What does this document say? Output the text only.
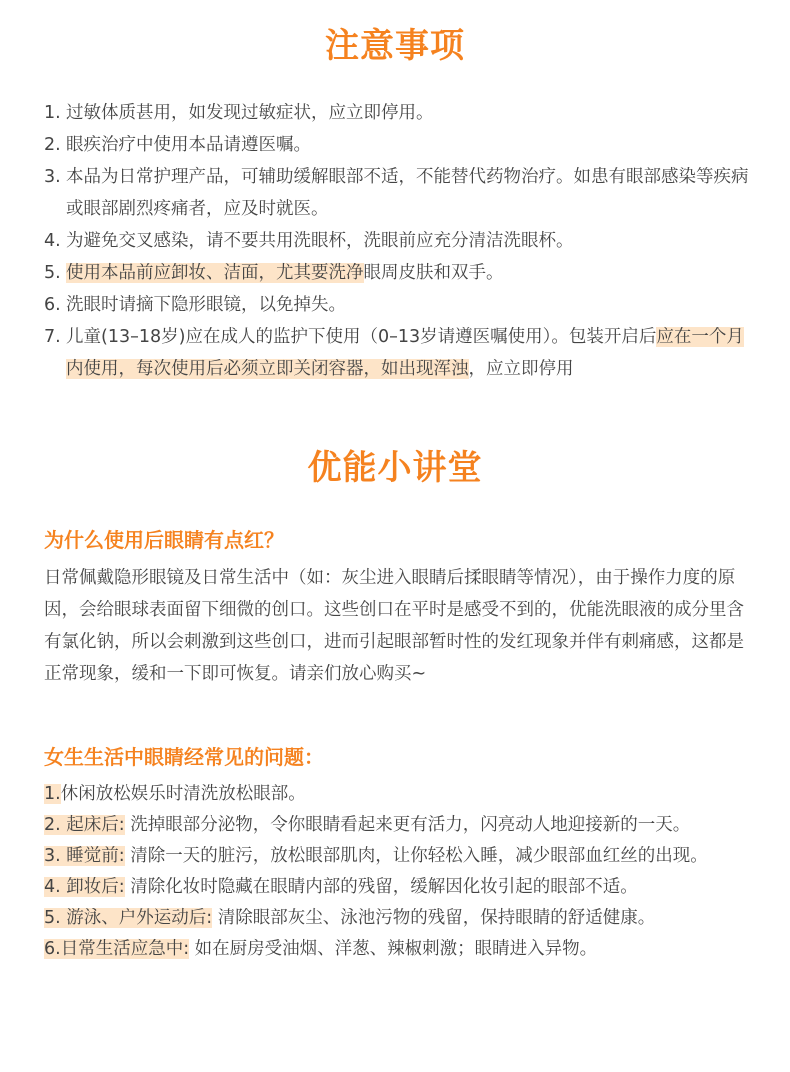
注意事项
1. 过敏体质甚用，如发现过敏症状，应立即停用。
2. 眼疾治疗中使用本品请遵医嘱。
3. 本品为日常护理产品，可辅助缓解眼部不适，不能替代药物治疗。如患有眼部感染等疾病或眼部剧烈疼痛者，应及时就医。
4. 为避免交叉感染，请不要共用洗眼杯，洗眼前应充分清洁洗眼杯。
5. 使用本品前应卸妆、洁面，尤其要洗净眼周皮肤和双手。
6. 洗眼时请摘下隐形眼镜，以免掉失。
7. 儿童(13–18岁)应在成人的监护下使用（0–13岁请遵医嘱使用）。包装开启后应在一个月内使用，每次使用后必须立即关闭容器，如出现浑浊，应立即停用
优能小讲堂
为什么使用后眼睛有点红？

日常佩戴隐形眼镜及日常生活中（如：灰尘进入眼睛后揉眼睛等情况），由于操作力度的原因，会给眼球表面留下细微的创口。这些创口在平时是感受不到的，优能洗眼液的成分里含有氯化钠，所以会刺激到这些创口，进而引起眼部暂时性的发红现象并伴有刺痛感，这都是正常现象，缓和一下即可恢复。请亲们放心购买~

女生生活中眼睛经常见的问题：
1.休闲放松娱乐时清洗放松眼部。
2. 起床后: 洗掉眼部分泌物，令你眼睛看起来更有活力，闪亮动人地迎接新的一天。
3. 睡觉前: 清除一天的脏污，放松眼部肌肉，让你轻松入睡，减少眼部血红丝的出现。
4. 卸妆后: 清除化妆时隐藏在眼睛内部的残留，缓解因化妆引起的眼部不适。
5. 游泳、户外运动后: 清除眼部灰尘、泳池污物的残留，保持眼睛的舒适健康。
6.日常生活应急中: 如在厨房受油烟、洋葱、辣椒刺激；眼睛进入异物。
